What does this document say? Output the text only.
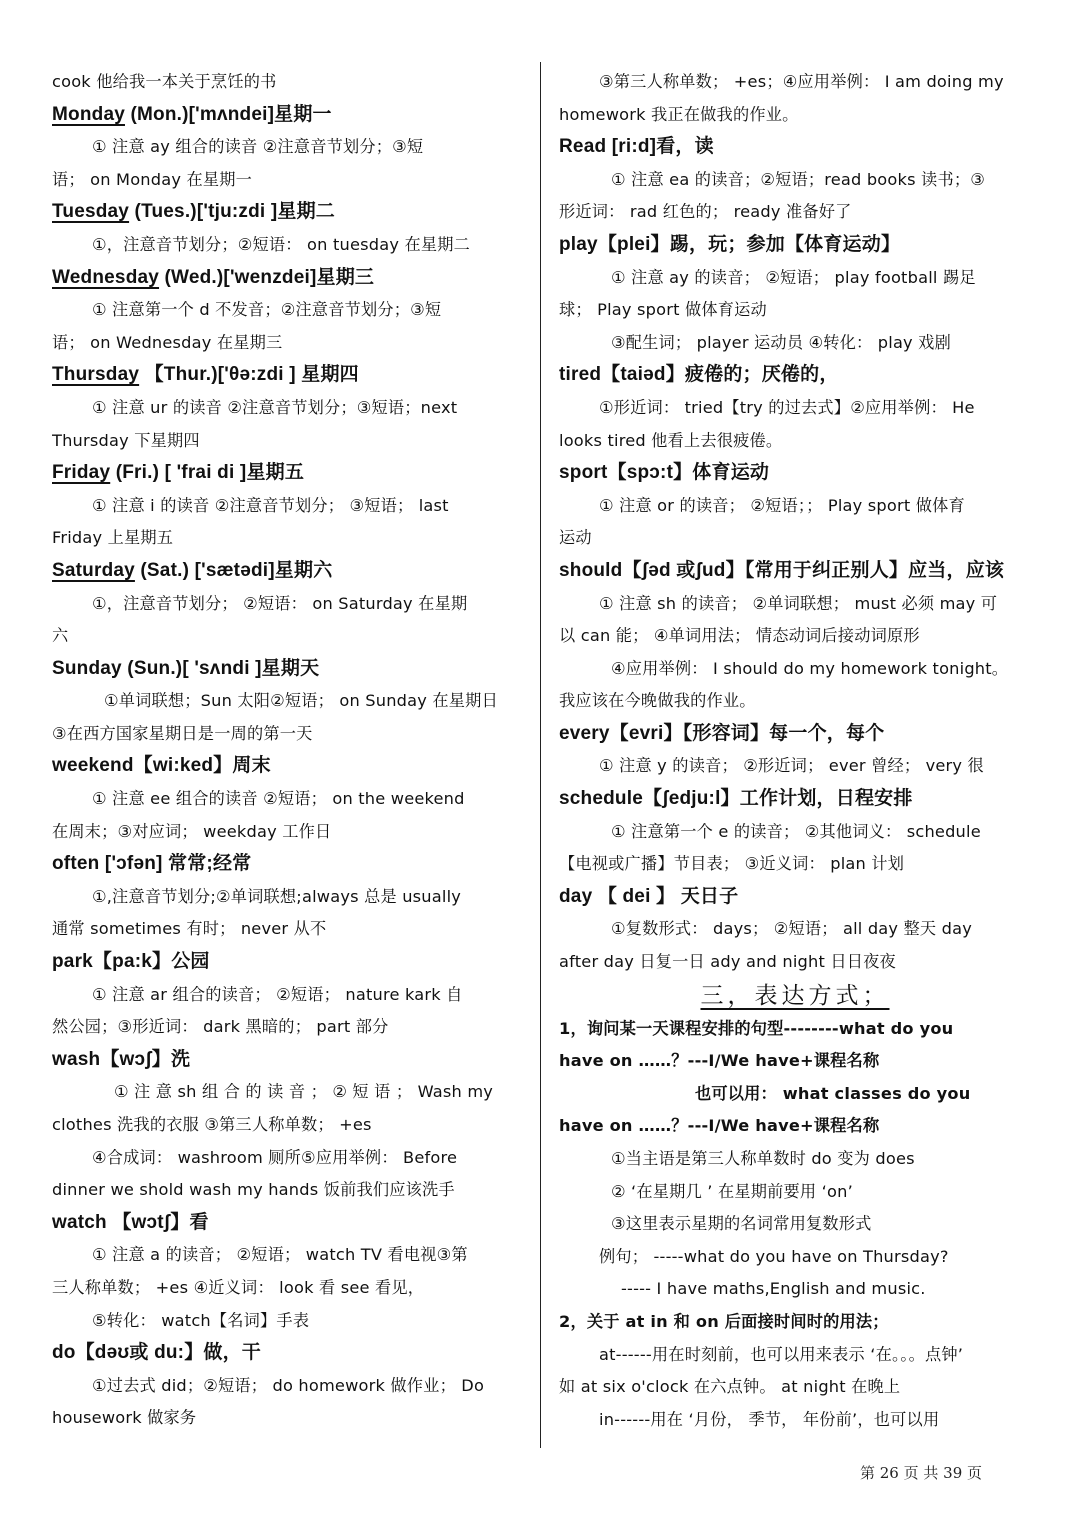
cook 他给我一本关于烹饪的书
Monday (Mon.)['mʌndei]星期一
① 注意 ay 组合的读音 ②注意音节划分；③短
语； on Monday 在星期一
Tuesday (Tues.)['tju:zdi ]星期二
①，注意音节划分；②短语： on tuesday 在星期二
Wednesday (Wed.)['wenzdei]星期三
① 注意第一个 d 不发音；②注意音节划分；③短
语； on Wednesday 在星期三
Thursday 【Thur.)['θə:zdi ] 星期四
① 注意 ur 的读音 ②注意音节划分；③短语；next
Thursday 下星期四
Friday (Fri.) [ 'frai di ]星期五
① 注意 i 的读音 ②注意音节划分； ③短语； last
Friday 上星期五
Saturday (Sat.) ['sætədi]星期六
①，注意音节划分； ②短语： on Saturday 在星期
六
Sunday (Sun.)[ 'sʌndi ]星期天
①单词联想；Sun 太阳②短语； on Sunday 在星期日
③在西方国家星期日是一周的第一天
weekend【wi:ked】周末
① 注意 ee 组合的读音 ②短语； on the weekend
在周末；③对应词； weekday 工作日
often ['ɔfən] 常常;经常
①,注意音节划分;②单词联想;always 总是 usually
通常 sometimes 有时； never 从不
park【pa:k】公园
① 注意 ar 组合的读音； ②短语； nature kark 自
然公园；③形近词： dark 黑暗的； part 部分
wash【wɔʃ】洗
① 注 意 sh 组 合 的 读 音 ； ② 短 语 ； Wash my
clothes 洗我的衣服 ③第三人称单数； +es
④合成词： washroom 厕所⑤应用举例： Before
dinner we shold wash my hands 饭前我们应该洗手
watch 【wɔtʃ】看
① 注意 a 的读音； ②短语； watch TV 看电视③第
三人称单数； +es ④近义词： look 看 see 看见，
⑤转化： watch【名词】手表
do【dəʊ或 du:】做，干
①过去式 did；②短语； do homework 做作业； Do
housework 做家务
③第三人称单数； +es；④应用举例： I am doing my
homework 我正在做我的作业。
Read [ri:d]看，读
① 注意 ea 的读音；②短语；read books 读书；③
形近词： rad 红色的； ready 准备好了
play【plei】踢，玩；参加【体育运动】
① 注意 ay 的读音； ②短语； play football 踢足
球； Play sport 做体育运动
③配生词； player 运动员 ④转化： play 戏剧
tired【taiəd】疲倦的；厌倦的，
①形近词： tried【try 的过去式】②应用举例： He
looks tired 他看上去很疲倦。
sport【spɔ:t】体育运动
① 注意 or 的读音； ②短语；； Play sport 做体育
运动
should【ʃəd 或ʃud】【常用于纠正别人】应当，应该
① 注意 sh 的读音； ②单词联想； must 必须 may 可
以 can 能； ④单词用法； 情态动词后接动词原形
④应用举例： I should do my homework tonight。
我应该在今晚做我的作业。
every【evri】【形容词】每一个，每个
① 注意 y 的读音； ②形近词； ever 曾经； very 很
schedule【ʃedju:l】工作计划，日程安排
① 注意第一个 e 的读音； ②其他词义： schedule
【电视或广播】节目表； ③近义词： plan 计划
day 【 dei 】 天日子
①复数形式： days； ②短语； all day 整天 day
after day 日复一日 ady and night 日日夜夜
三，表达方式；
1，询问某一天课程安排的句型--------what do you
have on ……？---I/We have+课程名称
也可以用： what classes do you
have on ……？---I/We have+课程名称
①当主语是第三人称单数时 do 变为 does
② ‘在星期几 ’ 在星期前要用 ‘on’
③这里表示星期的名词常用复数形式
例句； -----what do you have on Thursday?
----- I have maths,English and music.
2，关于 at in 和 on 后面接时间时的用法；
at------用在时刻前，也可以用来表示 ‘在。。。点钟’
如 at six o'clock 在六点钟。 at night 在晚上
in------用在 ‘月份， 季节， 年份前’，也可以用
第 26 页 共 39 页
